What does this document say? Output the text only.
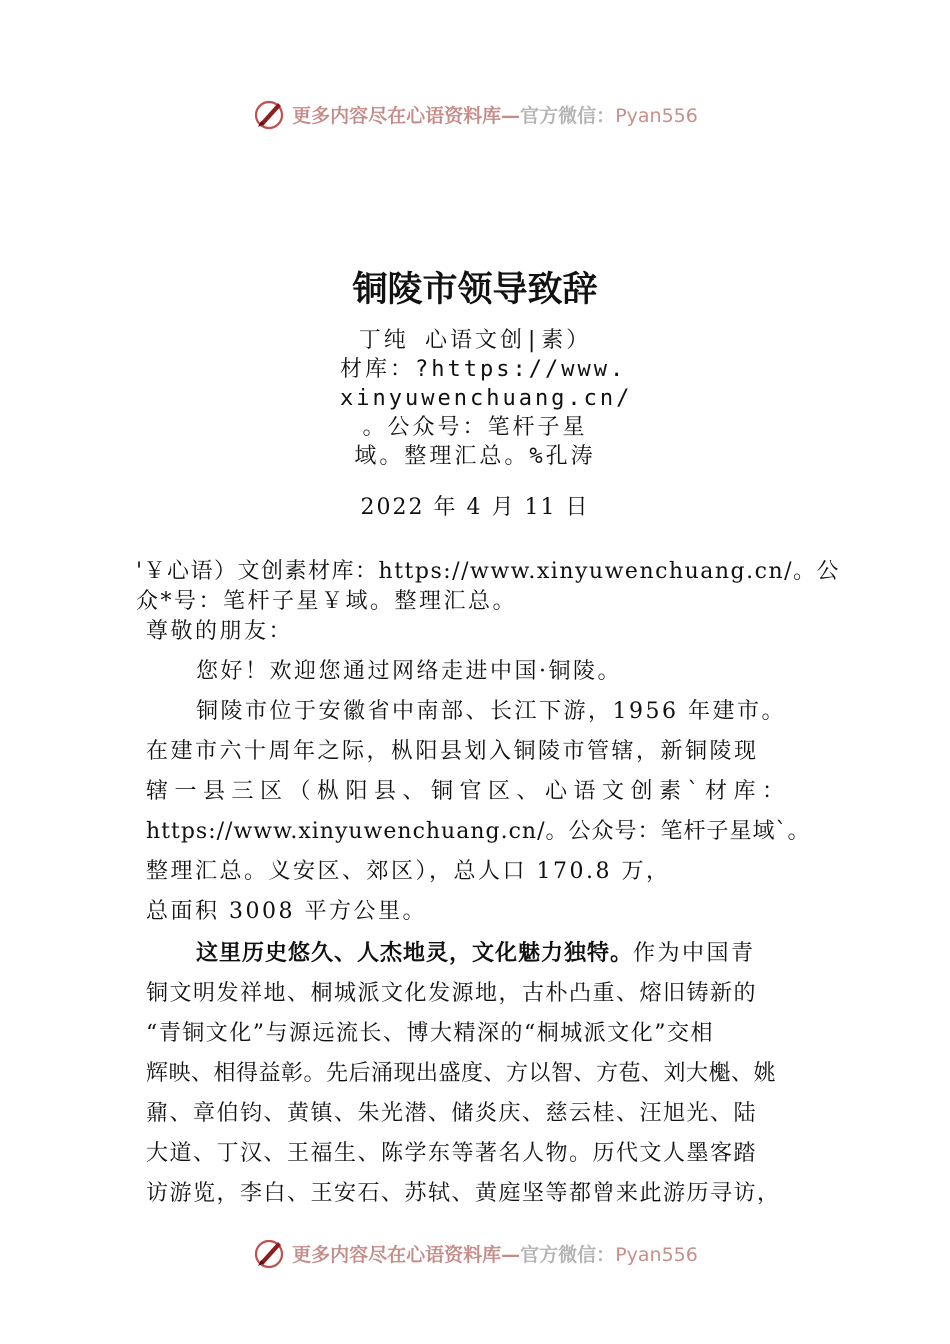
更多内容尽在心语资料库—官方微信：Pyan556
铜陵市领导致辞
丁纯 心语文创|素）
材库：?https://www.
xinyuwenchuang.cn/
。公众号：笔杆子星
域。整理汇总。%孔涛
2022 年 4 月 11 日
'￥心语）文创素材库：https://www.xinyuwenchuang.cn/。公
众*号：笔杆子星￥域。整理汇总。
尊敬的朋友：
您好！欢迎您通过网络走进中国·铜陵。
铜陵市位于安徽省中南部、长江下游，1956 年建市。
在建市六十周年之际，枞阳县划入铜陵市管辖，新铜陵现
辖一县三区（枞阳县、铜官区、心语文创素`材库：
https://www.xinyuwenchuang.cn/。公众号：笔杆子星域`。
整理汇总。义安区、郊区），总人口 170.8 万，
总面积 3008 平方公里。
这里历史悠久、人杰地灵，文化魅力独特。作为中国青
铜文明发祥地、桐城派文化发源地，古朴凸重、熔旧铸新的
“青铜文化”与源远流长、博大精深的“桐城派文化”交相
辉映、相得益彰。先后涌现出盛度、方以智、方苞、刘大櫆、姚
鼐、章伯钧、黄镇、朱光潜、储炎庆、慈云桂、汪旭光、陆
大道、丁汉、王福生、陈学东等著名人物。历代文人墨客踏
访游览，李白、王安石、苏轼、黄庭坚等都曾来此游历寻访，
更多内容尽在心语资料库—官方微信：Pyan556
